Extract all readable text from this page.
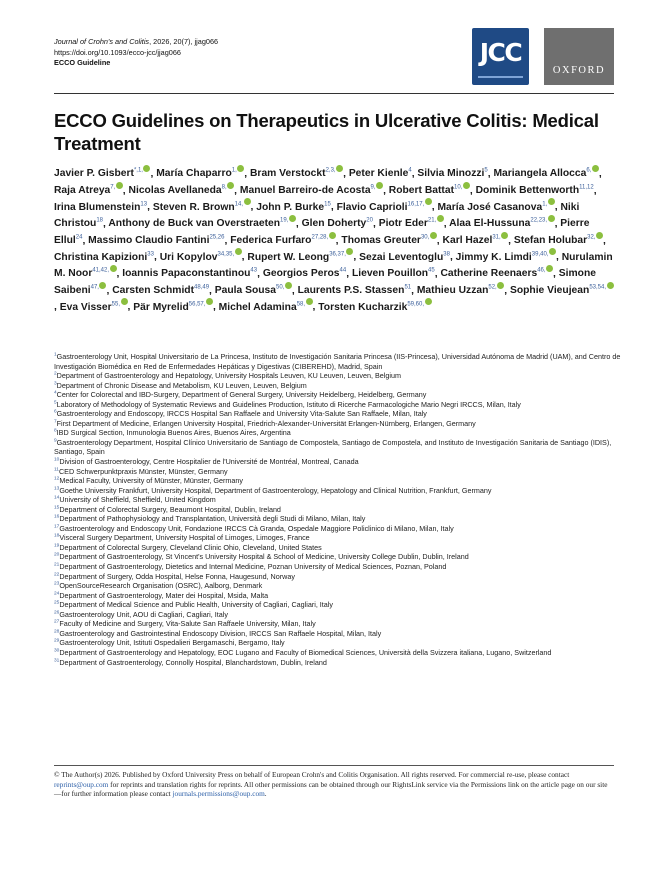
Journal of Crohn's and Colitis, 2026, 20(7), jjag066
https://doi.org/10.1093/ecco-jcc/jjag066
ECCO Guideline	JCC
OXFORD
ECCO Guidelines on Therapeutics in Ulcerative Colitis: Medical Treatment
Javier P. Gisbert$^{*,1,}$ , María Chaparro$^{1,}$ , Bram Verstockt$^{2,3,}$ , Peter Kienle$^4$, Silvia Minozzi$^5$, Mariangela Allocca$^{6,}$ , Raja Atreya$^{7,}$ , Nicolas Avellaneda$^{8,}$ , Manuel Barreiro-de Acosta$^{9,}$ , Robert Battat$^{10,}$ , Dominik Bettenworth$^{11,12}$, Irina Blumenstein$^{13}$, Steven R. Brown$^{14,}$ , John P. Burke$^{15}$, Flavio Caprioli$^{16,17,}$ , María José Casanova$^{1,}$ , Niki Christou$^{18}$, Anthony de Buck van Overstraeten$^{19,}$ , Glen Doherty$^{20}$, Piotr Eder$^{21,}$ , Alaa El-Hussuna$^{22,23,}$ , Pierre Ellul$^{24}$, Massimo Claudio Fantini$^{25,26}$, Federica Furfaro$^{27,28,}$ , Thomas Greuter$^{30,}$ , Karl Hazel$^{31,}$ , Stefan Holubar$^{32,}$ , Christina Kapizioni$^{33}$, Uri Kopylov$^{34,35,}$ , Rupert W. Leong$^{36,37,}$ , Sezai Leventoglu$^{38}$, Jimmy K. Limdi$^{39,40,}$ , Nurulamin M. Noor$^{41,42,}$ , Ioannis Papaconstantinou$^{43}$, Georgios Peros$^{44}$, Lieven Pouillon$^{45}$, Catherine Reenaers$^{46,}$ , Simone Saibeni$^{47,}$ , Carsten Schmidt$^{48,49}$, Paula Sousa$^{50,}$ , Laurents P.S. Stassen$^{51}$, Mathieu Uzzan$^{52,}$ , Sophie Vieujean$^{53,54,}$, Eva Visser$^{55,}$ , Pär Myrelid$^{56,57,}$ , Michel Adamina$^{58,}$ , Torsten Kucharzik$^{59,60,}$
$^1$Gastroenterology Unit, Hospital Universitario de La Princesa, Instituto de Investigación Sanitaria Princesa (IIS-Princesa), Universidad Autónoma de Madrid (UAM), and Centro de Investigación Biomédica en Red de Enfermedades Hepáticas y Digestivas (CIBEREHD), Madrid, Spain
$^2$Department of Gastroenterology and Hepatology, University Hospitals Leuven, KU Leuven, Leuven, Belgium
$^3$Department of Chronic Disease and Metabolism, KU Leuven, Leuven, Belgium
$^4$Center for Colorectal and IBD-Surgery, Department of General Surgery, University Heidelberg, Heidelberg, Germany
$^5$Laboratory of Methodology of Systematic Reviews and Guidelines Production, Istituto di Ricerche Farmacologiche Mario Negri IRCCS, Milan, Italy
$^6$Gastroenterology and Endoscopy, IRCCS Hospital San Raffaele and University Vita-Salute San Raffaele, Milan, Italy
$^7$First Department of Medicine, Erlangen University Hospital, Friedrich-Alexander-Universität Erlangen-Nürnberg, Erlangen, Germany
$^8$IBD Surgical Section, Inmunologia Buenos Aires, Buenos Aires, Argentina
$^9$Gastroenterology Department, Hospital Clínico Universitario de Santiago de Compostela, Santiago de Compostela, and Instituto de Investigación Sanitaria de Santiago (IDIS), Santiago, Spain
$^{10}$Division of Gastroenterology, Centre Hospitalier de l'Université de Montréal, Montreal, Canada
$^{11}$CED Schwerpunktpraxis Münster, Münster, Germany
$^{12}$Medical Faculty, University of Münster, Münster, Germany
$^{13}$Goethe University Frankfurt, University Hospital, Department of Gastroenterology, Hepatology and Clinical Nutrition, Frankfurt, Germany
$^{14}$University of Sheffield, Sheffield, United Kingdom
$^{15}$Department of Colorectal Surgery, Beaumont Hospital, Dublin, Ireland
$^{16}$Department of Pathophysiology and Transplantation, Università degli Studi di Milano, Milan, Italy
$^{17}$Gastroenterology and Endoscopy Unit, Fondazione IRCCS Cà Granda, Ospedale Maggiore Policlinico di Milano, Milan, Italy
$^{18}$Visceral Surgery Department, University Hospital of Limoges, Limoges, France
$^{19}$Department of Colorectal Surgery, Cleveland Clinic Ohio, Cleveland, United States
$^{20}$Department of Gastroenterology, St Vincent's University Hospital & School of Medicine, University College Dublin, Dublin, Ireland
$^{21}$Department of Gastroenterology, Dietetics and Internal Medicine, Poznan University of Medical Sciences, Poznan, Poland
$^{22}$Department of Surgery, Odda Hospital, Helse Fonna, Haugesund, Norway
$^{23}$OpenSourceResearch Organisation (OSRC), Aalborg, Denmark
$^{24}$Department of Gastroenterology, Mater dei Hospital, Msida, Malta
$^{25}$Department of Medical Science and Public Health, University of Cagliari, Cagliari, Italy
$^{26}$Gastroenterology Unit, AOU di Cagliari, Cagliari, Italy
$^{27}$Faculty of Medicine and Surgery, Vita-Salute San Raffaele University, Milan, Italy
$^{28}$Gastroenterology and Gastrointestinal Endoscopy Division, IRCCS San Raffaele Hospital, Milan, Italy
$^{29}$Gastroenterology Unit, Istituti Ospedalieri Bergamaschi, Bergamo, Italy
$^{30}$Department of Gastroenterology and Hepatology, EOC Lugano and Faculty of Biomedical Sciences, Università della Svizzera italiana, Lugano, Switzerland
$^{31}$Department of Gastroenterology, Connolly Hospital, Blanchardstown, Dublin, Ireland
© The Author(s) 2026. Published by Oxford University Press on behalf of European Crohn's and Colitis Organisation. All rights reserved. For commercial re-use, please contact reprints@oup.com for reprints and translation rights for reprints. All other permissions can be obtained through our RightsLink service via the Permissions link on the article page on our site—for further information please contact journals.permissions@oup.com.
